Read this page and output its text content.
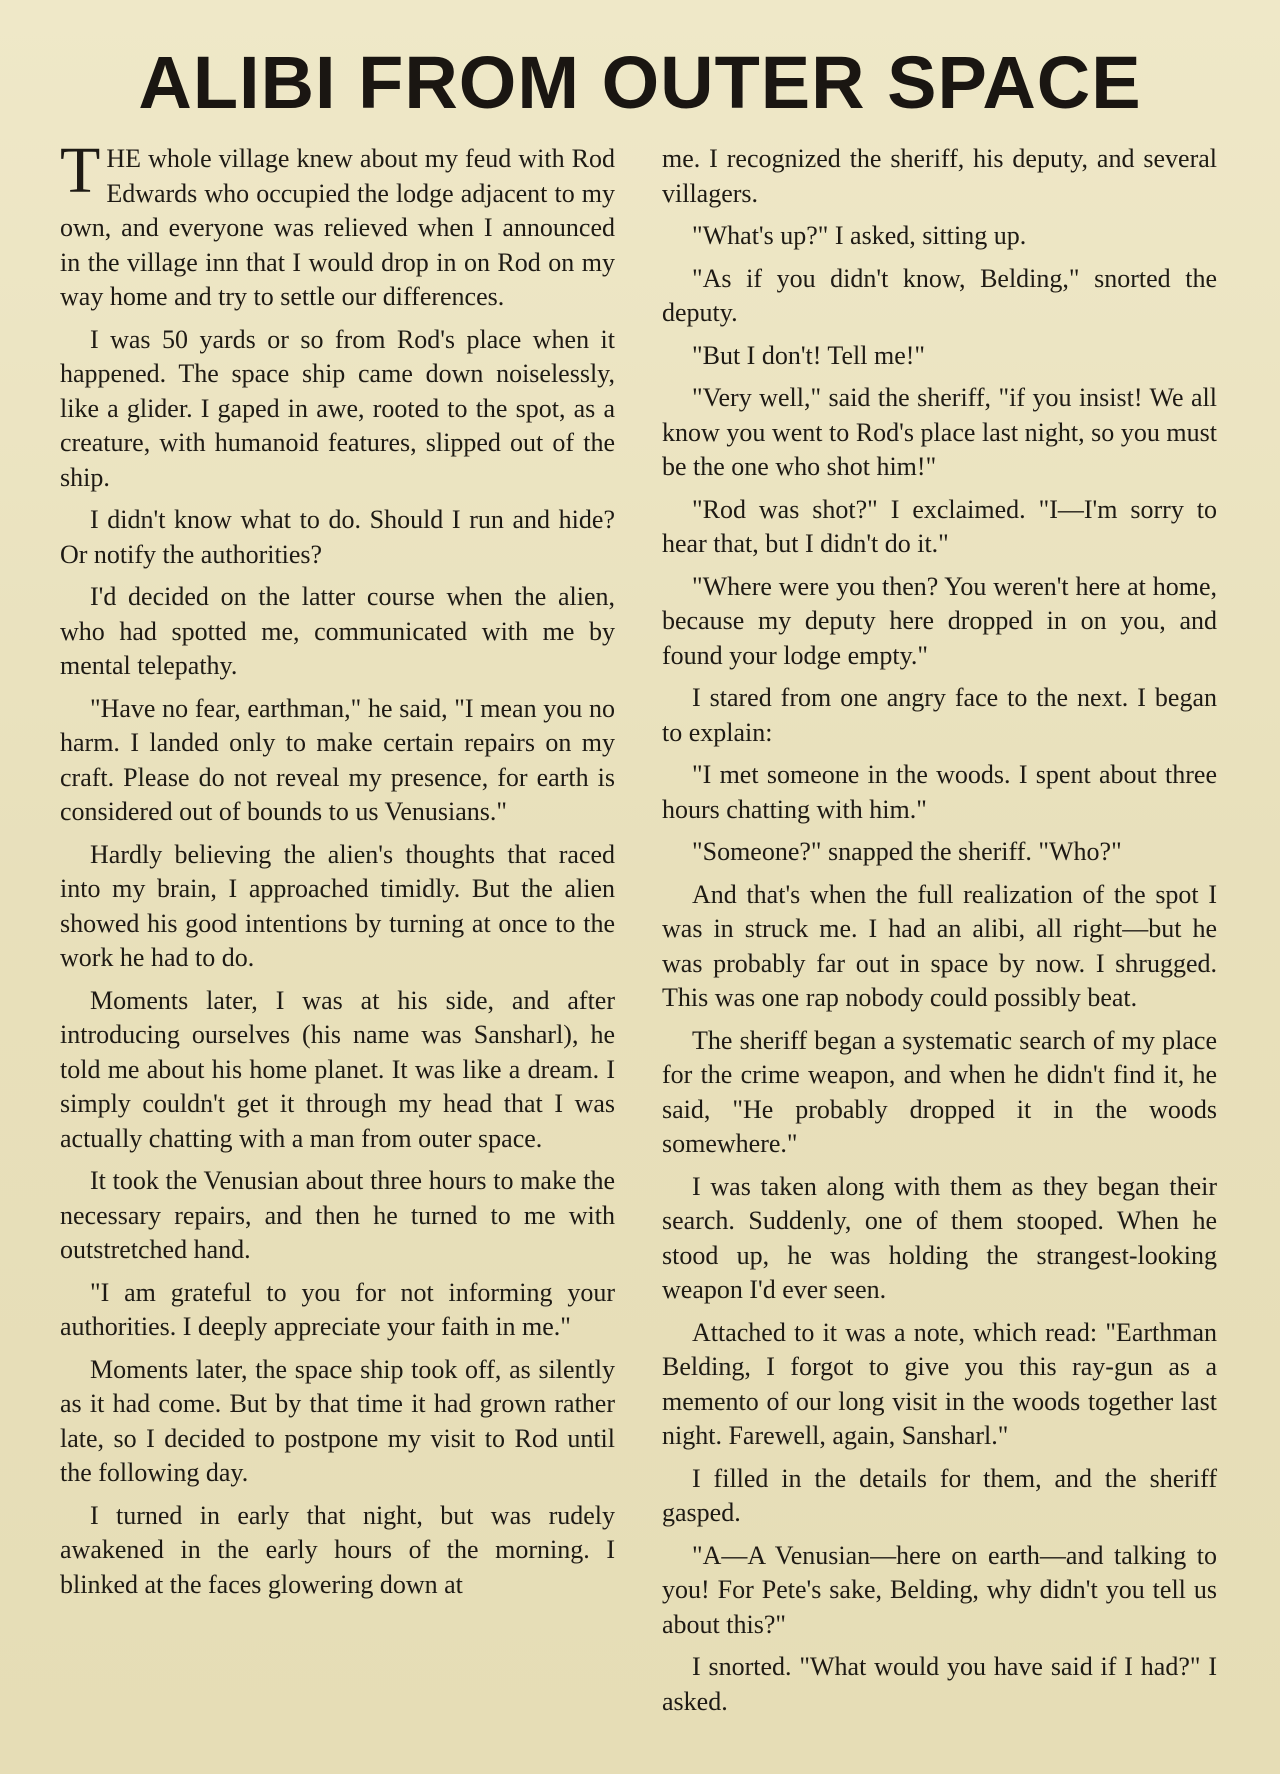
ALIBI FROM OUTER SPACE

THE whole village knew about my feud with Rod Edwards who occupied the lodge adjacent to my own, and everyone was relieved when I announced in the village inn that I would drop in on Rod on my way home and try to settle our differences.

I was 50 yards or so from Rod's place when it happened. The space ship came down noiselessly, like a glider. I gaped in awe, rooted to the spot, as a creature, with humanoid features, slipped out of the ship.

I didn't know what to do. Should I run and hide? Or notify the authorities?

I'd decided on the latter course when the alien, who had spotted me, communicated with me by mental telepathy.

"Have no fear, earthman," he said, "I mean you no harm. I landed only to make certain repairs on my craft. Please do not reveal my presence, for earth is considered out of bounds to us Venusians."

Hardly believing the alien's thoughts that raced into my brain, I approached timidly. But the alien showed his good intentions by turning at once to the work he had to do.

Moments later, I was at his side, and after introducing ourselves (his name was Sansharl), he told me about his home planet. It was like a dream. I simply couldn't get it through my head that I was actually chatting with a man from outer space.

It took the Venusian about three hours to make the necessary repairs, and then he turned to me with outstretched hand.

"I am grateful to you for not informing your authorities. I deeply appreciate your faith in me."

Moments later, the space ship took off, as silently as it had come. But by that time it had grown rather late, so I decided to postpone my visit to Rod until the following day.

I turned in early that night, but was rudely awakened in the early hours of the morning. I blinked at the faces glowering down at

me. I recognized the sheriff, his deputy, and several villagers.

"What's up?" I asked, sitting up.

"As if you didn't know, Belding," snorted the deputy.

"But I don't! Tell me!"

"Very well," said the sheriff, "if you insist! We all know you went to Rod's place last night, so you must be the one who shot him!"

"Rod was shot?" I exclaimed. "I—I'm sorry to hear that, but I didn't do it."

"Where were you then? You weren't here at home, because my deputy here dropped in on you, and found your lodge empty."

I stared from one angry face to the next. I began to explain:

"I met someone in the woods. I spent about three hours chatting with him."

"Someone?" snapped the sheriff. "Who?"

And that's when the full realization of the spot I was in struck me. I had an alibi, all right—but he was probably far out in space by now. I shrugged. This was one rap nobody could possibly beat.

The sheriff began a systematic search of my place for the crime weapon, and when he didn't find it, he said, "He probably dropped it in the woods somewhere."

I was taken along with them as they began their search. Suddenly, one of them stooped. When he stood up, he was holding the strangest-looking weapon I'd ever seen.

Attached to it was a note, which read: "Earthman Belding, I forgot to give you this ray-gun as a memento of our long visit in the woods together last night. Farewell, again, Sansharl."

I filled in the details for them, and the sheriff gasped.

"A—A Venusian—here on earth—and talking to you! For Pete's sake, Belding, why didn't you tell us about this?"

I snorted. "What would you have said if I had?" I asked.
